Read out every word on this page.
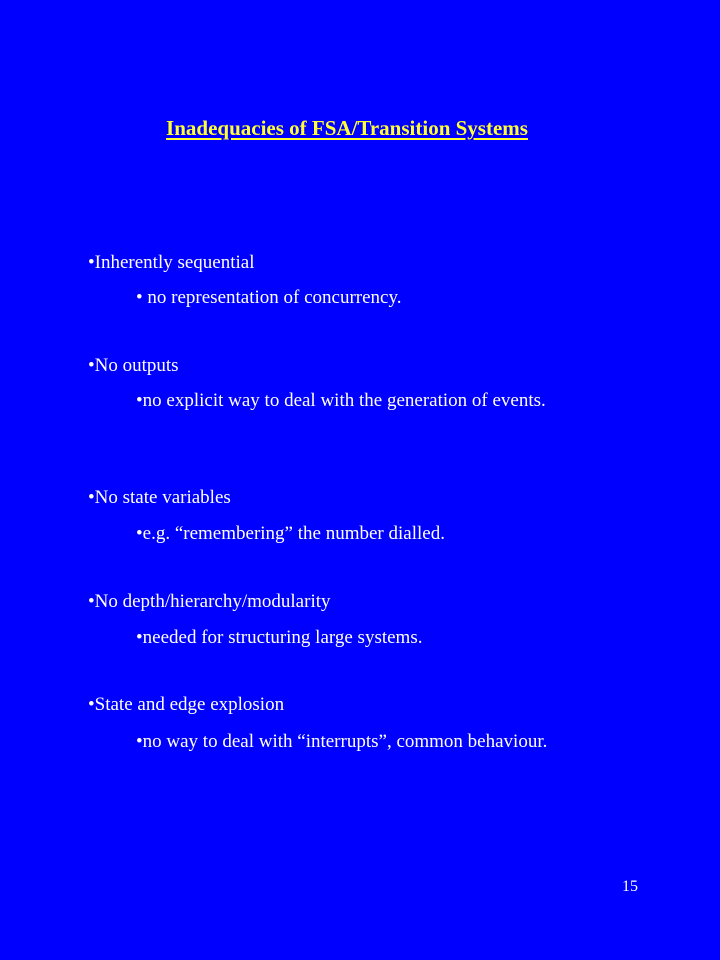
Inadequacies of FSA/Transition Systems
•Inherently sequential
• no representation of concurrency.
•No outputs
•no explicit way to deal with the generation of events.
•No state variables
•e.g. “remembering” the number dialled.
•No depth/hierarchy/modularity
•needed for structuring large systems.
•State and edge explosion
•no way to deal with “interrupts”, common behaviour.
15
